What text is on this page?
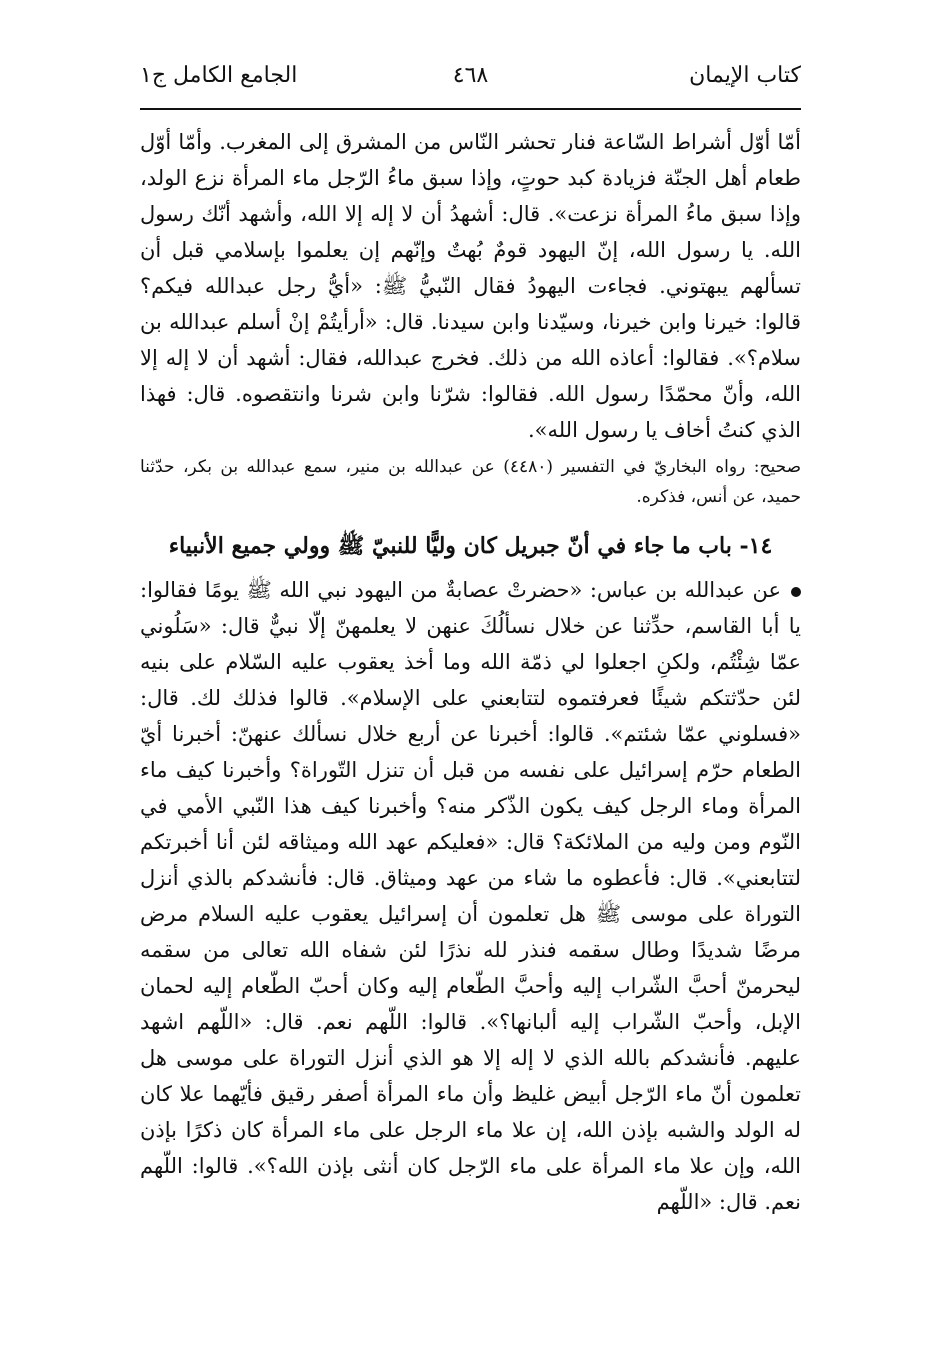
كتاب الإيمان
٤٦٨
الجامع الكامل ج١

أمّا أوّل أشراط السّاعة فنار تحشر النّاس من المشرق إلى المغرب. وأمّا أوّل طعام أهل الجنّة فزيادة كبد حوتٍ، وإذا سبق ماءُ الرّجل ماء المرأة نزع الولد، وإذا سبق ماءُ المرأة نزعت». قال: أشهدُ أن لا إله إلا الله، وأشهد أنّك رسول الله. يا رسول الله، إنّ اليهود قومٌ بُهتٌ وإنّهم إن يعلموا بإسلامي قبل أن تسألهم يبهتوني. فجاءت اليهودُ فقال النّبيُّ ﷺ: «أيُّ رجل عبدالله فيكم؟ قالوا: خيرنا وابن خيرنا، وسيّدنا وابن سيدنا. قال: «أرأيتُمْ إنْ أسلم عبدالله بن سلام؟». فقالوا: أعاذه الله من ذلك. فخرج عبدالله، فقال: أشهد أن لا إله إلا الله، وأنّ محمّدًا رسول الله. فقالوا: شرّنا وابن شرنا وانتقصوه. قال: فهذا الذي كنتُ أخاف يا رسول الله».

صحيح: رواه البخاريّ في التفسير (٤٤٨٠) عن عبدالله بن منير، سمع عبدالله بن بكر، حدّثنا حميد، عن أنس، فذكره.

١٤- باب ما جاء في أنّ جبريل كان وليًّا للنبيّ ﷺ وولي جميع الأنبياء

عن عبدالله بن عباس: «حضرتْ عصابةٌ من اليهود نبي الله ﷺ يومًا فقالوا: يا أبا القاسم، حدِّثنا عن خلال نسألُكَ عنهن لا يعلمهنّ إلّا نبيٌّ قال: «سَلُوني عمّا شِئْتُم، ولكنِ اجعلوا لي ذمّة الله وما أخذ يعقوب عليه السّلام على بنيه لئن حدّثتكم شيئًا فعرفتموه لتتابعني على الإسلام». قالوا فذلك لك. قال: «فسلوني عمّا شئتم». قالوا: أخبرنا عن أربع خلال نسألك عنهنّ: أخبرنا أيّ الطعام حرّم إسرائيل على نفسه من قبل أن تنزل التّوراة؟ وأخبرنا كيف ماء المرأة وماء الرجل كيف يكون الذّكر منه؟ وأخبرنا كيف هذا النّبي الأمي في النّوم ومن وليه من الملائكة؟ قال: «فعليكم عهد الله وميثاقه لئن أنا أخبرتكم لتتابعني». قال: فأعطوه ما شاء من عهد وميثاق. قال: فأنشدكم بالذي أنزل التوراة على موسى ﷺ هل تعلمون أن إسرائيل يعقوب عليه السلام مرض مرضًا شديدًا وطال سقمه فنذر لله نذرًا لئن شفاه الله تعالى من سقمه ليحرمنّ أحبَّ الشّراب إليه وأحبَّ الطّعام إليه وكان أحبّ الطّعام إليه لحمان الإبل، وأحبّ الشّراب إليه ألبانها؟». قالوا: اللّهم نعم. قال: «اللّهم اشهد عليهم. فأنشدكم بالله الذي لا إله إلا هو الذي أنزل التوراة على موسى هل تعلمون أنّ ماء الرّجل أبيض غليظ وأن ماء المرأة أصفر رقيق فأيّهما علا كان له الولد والشبه بإذن الله، إن علا ماء الرجل على ماء المرأة كان ذكرًا بإذن الله، وإن علا ماء المرأة على ماء الرّجل كان أنثى بإذن الله؟». قالوا: اللّهم نعم. قال: «اللّهم
